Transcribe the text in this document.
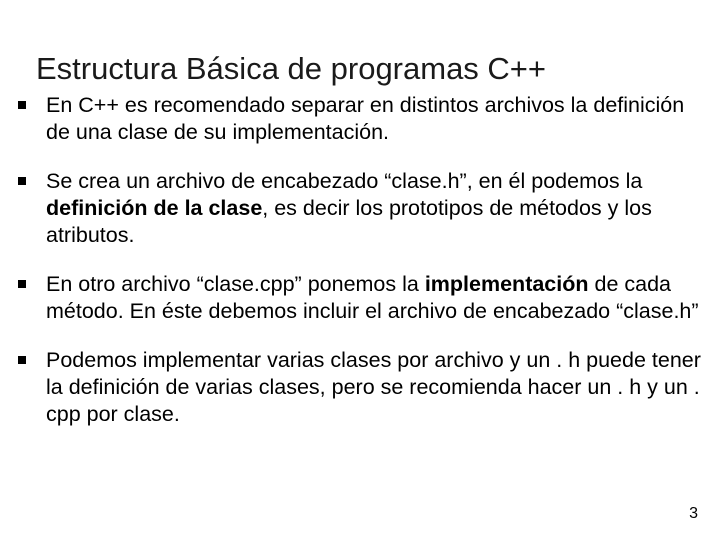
Estructura Básica de programas C++
En C++ es recomendado separar en distintos archivos la definición de una clase de su implementación.
Se crea un archivo de encabezado “clase.h”, en él podemos la definición de la clase, es decir los prototipos de métodos y los atributos.
En otro archivo “clase.cpp” ponemos la implementación de cada método. En éste debemos incluir el archivo de encabezado “clase.h”
Podemos implementar varias clases por archivo y un . h puede tener la definición de varias clases, pero se recomienda hacer un . h y un . cpp por clase.
3
